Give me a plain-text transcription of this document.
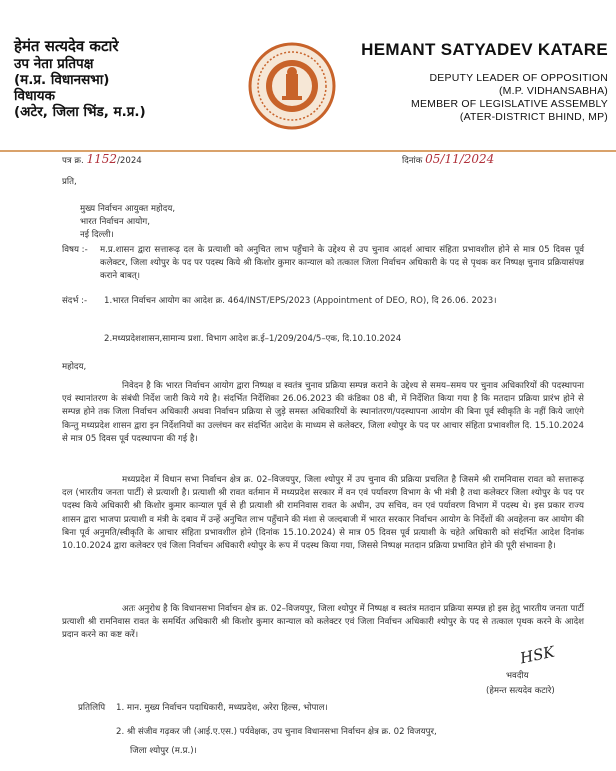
हेमंत सत्यदेव कटारे
उप नेता प्रतिपक्ष
(म.प्र. विधानसभा)
विधायक
(अटेर, जिला भिंड, म.प्र.)
HEMANT SATYADEV KATARE
DEPUTY LEADER OF OPPOSITION
(M.P. VIDHANSABHA)
MEMBER OF LEGISLATIVE ASSEMBLY
(ATER-DISTRICT BHIND, MP)
पत्र क्र. 1152/2024	दिनांक 05/11/2024
प्रति,
मुख्य निर्वाचन आयुक्त महोदय,
भारत निर्वाचन आयोग,
नई दिल्ली।
विषय :- म.प्र.शासन द्वारा सत्तारूढ़ दल के प्रत्याशी को अनुचित लाभ पहुँचाने के उद्देश्य से उप चुनाव आदर्श आचार संहिता प्रभावशील होने से मात्र 05 दिवस पूर्व कलेक्टर, जिला श्योपुर के पद पर पदस्थ किये श्री किशोर कुमार कान्याल को तत्काल जिला निर्वाचन अधिकारी के पद से पृथक कर निष्पक्ष चुनाव प्रक्रियासंपन्न कराने बाबत्।
संदर्भ :- 1.भारत निर्वाचन आयोग का आदेश क्र. 464/INST/EPS/2023 (Appointment of DEO, RO), दि 26.06. 2023।
2.मध्यप्रदेशशासन,सामान्य प्रशा. विभाग आदेश क्र.ई–1/209/204/5–एक, दि.10.10.2024
महोदय,
निवेदन है कि भारत निर्वाचन आयोग द्वारा निष्पक्ष व स्वतंत्र चुनाव प्रक्रिया सम्पन्न कराने के उद्देश्य से समय–समय पर चुनाव अधिकारियों की पदस्थापना एवं स्थानांतरण के संबंधी निर्देश जारी किये गये है। संदर्भित निर्देशिका 26.06.2023 की कंडिका 08 बी, में निर्देशित किया गया है कि मतदान प्रक्रिया प्रारंभ होने से सम्पन्न होने तक जिला निर्वाचन अधिकारी अथवा निर्वाचन प्रक्रिया से जुड़े समस्त अधिकारियों के स्थानांतरण/पदस्थापना आयोग की बिना पूर्व स्वीकृति के नहीं किये जाएंगे किन्तु मध्यप्रदेश शासन द्वारा इन निर्देशनियों का उल्लंघन कर संदर्भित आदेश के माध्यम से कलेक्टर, जिला श्योपुर के पद पर आचार संहिता प्रभावशील दि. 15.10.2024 से मात्र 05 दिवस पूर्व पदस्थापना की गई है।
मध्यप्रदेश में विधान सभा निर्वाचन क्षेत्र क्र. 02–विजयपुर, जिला श्योपुर में उप चुनाव की प्रक्रिया प्रचलित है जिसमे श्री रामनिवास रावत को सत्तारूढ़ दल (भारतीय जनता पार्टी) से प्रत्याशी है। प्रत्याशी श्री रावत वर्तमान में मध्यप्रदेश सरकार में वन एवं पर्यावरण विभाग के भी मंत्री है तथा कलेक्टर जिला श्योपुर के पद पर पदस्थ किये अधिकारी श्री किशोर कुमार कान्याल पूर्व से ही प्रत्याशी श्री रामनिवास रावत के अधीन, उप सचिव, वन एवं पर्यावरण विभाग में पदस्थ थे। इस प्रकार राज्य शासन द्वारा भाजपा प्रत्याशी व मंत्री के दबाव में उन्हें अनुचित लाभ पहुँचाने की मंशा से जल्दबाजी में भारत सरकार निर्वाचन आयोग के निर्देशों की अवहेलना कर आयोग की बिना पूर्व अनुमति/स्वीकृति के आचार संहिता प्रभावशील होने (दिनांक 15.10.2024) से मात्र 05 दिवस पूर्व प्रत्याशी के चहेते अधिकारी को संदर्भित आदेश दिनांक 10.10.2024 द्वारा कलेक्टर एवं जिला निर्वाचन अधिकारी श्योपुर के रूप में पदस्थ किया गया, जिससे निष्पक्ष मतदान प्रक्रिया प्रभावित होने की पूरी संभावना है।
अतः अनुरोध है कि विधानसभा निर्वाचन क्षेत्र क्र. 02–विजयपुर, जिला श्योपुर में निष्पक्ष व स्वतंत्र मतदान प्रक्रिया सम्पन्न हो इस हेतु भारतीय जनता पार्टी प्रत्याशी श्री रामनिवास रावत के समर्थित अधिकारी श्री किशोर कुमार कान्याल को कलेक्टर एवं जिला निर्वाचन अधिकारी श्योपुर के पद से तत्काल पृथक करने के आदेश प्रदान करने का कष्ट करें।
HSK
भवदीय
(हेमन्त सत्यदेव कटारे)
प्रतिलिपि 1. मान. मुख्य निर्वाचन पदाधिकारी, मध्यप्रदेश, अरेरा हिल्स, भोपाल।
2. श्री संजीव गढ़कर जी (आई.ए.एस.) पर्यवेक्षक, उप चुनाव विधानसभा निर्वाचन क्षेत्र क्र. 02 विजयपुर,
जिला श्योपुर (म.प्र.)।
